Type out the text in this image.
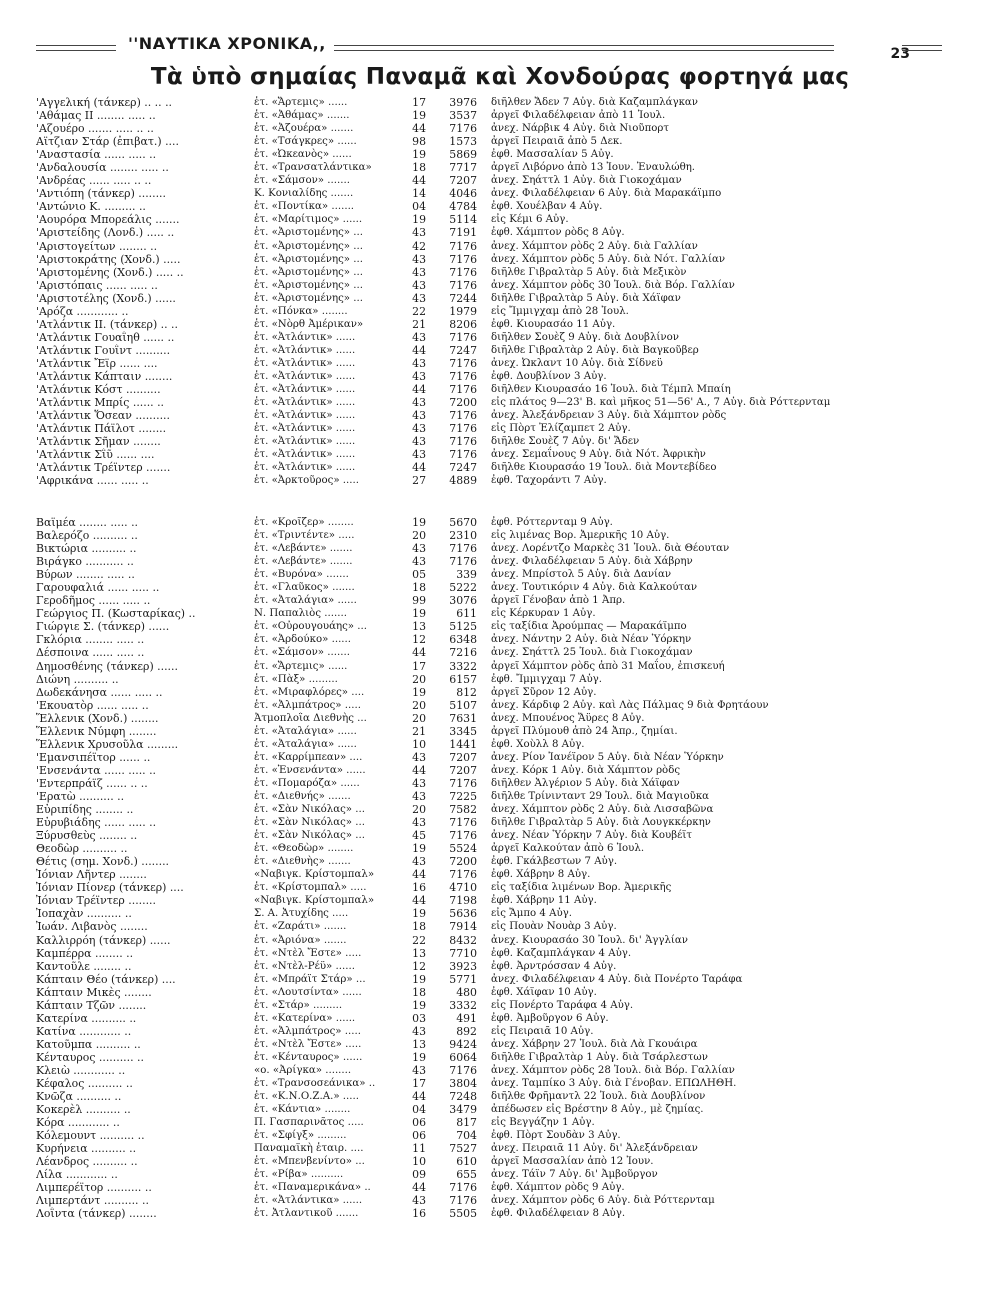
''ΝΑΥΤΙΚΑ ΧΡΟΝΙΚΑ,,
23
Τὰ ὑπὸ σημαίας Παναμᾶ καὶ Χονδούρας φορτηγά μας
'Αγγελική (τάνκερ) .. .. ..	ἑτ. «Ἄρτεμις» ......	17	3976 διῆλθεν Ἄδεν 7 Αὐγ. διὰ Καζαμπλάγκαν
'Αθάμας ΙΙ ........ ..... ..	ἑτ. «Ἀθάμας» .......	19	3537 ἀργεῖ Φιλαδέλφειαν ἀπὸ 11 Ἰουλ.
'Αζουέρο ....... ..... .. ..	ἑτ. «Ἀζουέρα» .......	44	7176 ἀνεχ. Νάρβικ 4 Αὐγ. διὰ Νιοῦπορτ
Αϊτζιαν Στάρ (ἐπιβατ.) ....	ἑτ. «Τσάγκρες» ......	98	1573 ἀργεῖ Πειραιᾶ ἀπὸ 5 Δεκ.
'Αναστασία ...... ..... ..	ἑτ. «Ὠκεανὸς» ......	19	5869 ἐφθ. Μασσαλίαν 5 Αὐγ.
'Ανδαλουσία ........ ..... ..	ἑτ. «Τρανσατλάντικα»	18	7717 ἀργεῖ Λιβόρνο ἀπὸ 13 Ἰουν. Ἐναυλώθη.
'Ανδρέας ...... ..... .. ..	ἑτ. «Σάμσον» .......	44	7207 ἀνεχ. Σηάττλ 1 Αὐγ. διὰ Γιοκοχάμαν
'Αντιόπη (τάνκερ) ........	Κ. Κονιαλίδης .......	14	4046 ἀνεχ. Φιλαδέλφειαν 6 Αὐγ. διὰ Μαρακάϊμπο
'Αντώνιο Κ. ......... ..	ἑτ. «Ποντίκα» .......	04	4784 ἐφθ. Χουέλβαν 4 Αὐγ.
'Αουρόρα Μπορεάλις .......	ἑτ. «Μαρίτιμος» ......	19	5114 εἰς Κέμι 6 Αὐγ.
'Αριστείδης (Λονδ.) ..... ..	ἑτ. «Ἀριστομένης» ...	43	7191 ἐφθ. Χάμπτον ρὸδς 8 Αὐγ.
'Αριστογείτων ........ ..	ἑτ. «Ἀριστομένης» ...	42	7176 ἀνεχ. Χάμπτον ρὸδς 2 Αὐγ. διὰ Γαλλίαν
'Αριστοκράτης (Χονδ.) .....	ἑτ. «Ἀριστομένης» ...	43	7176 ἀνεχ. Χάμπτον ρὸδς 5 Αὐγ. διὰ Νότ. Γαλλίαν
'Αριστομένης (Χονδ.) ..... ..	ἑτ. «Ἀριστομένης» ...	43	7176 διῆλθε Γιβραλτὰρ 5 Αὐγ. διὰ Μεξικὸν
'Αριστόπαις ...... ..... ..	ἑτ. «Ἀριστομένης» ...	43	7176 ἀνεχ. Χάμπτον ρὸδς 30 Ἰουλ. διὰ Βόρ. Γαλλίαν
'Αριστοτέλης (Χονδ.) ......	ἑτ. «Ἀριστομένης» ...	43	7244 διῆλθε Γιβραλτὰρ 5 Αὐγ. διὰ Χάϊφαν
'Αρόζα ............ ..	ἑτ. «Πόνκα» ........	22	1979 εἰς Ἴμμιγχαμ ἀπὸ 28 Ἰουλ.
'Ατλάντικ ΙΙ. (τάνκερ) .. ..	ἑτ. «Νὸρθ Ἀμέρικαν»	21	8206 ἐφθ. Κιουρασάο 11 Αὐγ.
'Ατλάντικ Γουαΐηθ ...... ..	ἑτ. «Ἀτλάντικ» ......	43	7176 διῆλθεν Σουὲζ 9 Αὐγ. διὰ Δουβλίνον
'Ατλάντικ Γουΐντ ..........	ἑτ. «Ἀτλάντικ» ......	44	7247 διῆλθε Γιβραλτὰρ 2 Αὐγ. διὰ Βαγκοῦβερ
'Ατλάντικ Ἔϊρ ...... ....	ἑτ. «Ἀτλάντικ» ......	43	7176 ἀνεχ. Ὠκλαντ 10 Αὐγ. διὰ Σίδνεϋ
'Ατλάντικ Κάπταιν ........	ἑτ. «Ἀτλάντικ» ......	43	7176 ἐφθ. Δουβλίνον 3 Αὐγ.
'Ατλάντικ Κόστ ..........	ἑτ. «Ἀτλάντικ» ......	44	7176 διῆλθεν Κιουρασάο 16 Ἰουλ. διὰ Τέμπλ Μπαίη
'Ατλάντικ Μπρίς ...... ..	ἑτ. «Ἀτλάντικ» ......	43	7200 εἰς πλάτος 9—23' Β. καὶ μῆκος 51—56' Α., 7 Αὐγ. διὰ Ρόττερνταμ
'Ατλάντικ Ὅσεαν ..........	ἑτ. «Ἀτλάντικ» ......	43	7176 ἀνεχ. Ἀλεξάνδρειαν 3 Αὐγ. διὰ Χάμπτον ρὸδς
'Ατλάντικ Πάϊλοτ ........	ἑτ. «Ἀτλάντικ» ......	43	7176 εἰς Πὸρτ Ἐλίζαμπετ 2 Αὐγ.
'Ατλάντικ Σῆμαν ........	ἑτ. «Ἀτλάντικ» ......	43	7176 διῆλθε Σουὲζ 7 Αὐγ. δι' Ἄδεν
'Ατλάντικ Σΐῦ ...... ....	ἑτ. «Ἀτλάντικ» ......	43	7176 ἀνεχ. Σεμαΐνους 9 Αὐγ. διὰ Νότ. Ἀφρικὴν
'Ατλάντικ Τρέϊντερ .......	ἑτ. «Ἀτλάντικ» ......	44	7247 διῆλθε Κιουρασάο 19 Ἰουλ. διὰ Μοντεβίδεο
'Αφρικάνα ...... ..... ..	ἑτ. «Ἀρκτοῦρος» .....	27	4889 ἐφθ. Ταχοράντι 7 Αὐγ.
Βαϊμέα ........ ..... ..	ἑτ. «Κροῖζερ» ........	19	5670 ἐφθ. Ρόττερνταμ 9 Αὐγ.
Βαλερόζο .......... ..	ἑτ. «Τριντέντε» .....	20	2310 εἰς λιμένας Βορ. Ἀμερικῆς 10 Αὐγ.
Βικτώρια .......... ..	ἑτ. «Λεβάντε» .......	43	7176 ἀνεχ. Λορέντζο Μαρκὲς 31 Ἰουλ. διὰ Θέουταν
Βιράγκο ........... ..	ἑτ. «Λεβάντε» .......	43	7176 ἀνεχ. Φιλαδέλφειαν 5 Αὐγ. διὰ Χάβρην
Βύρων ........ ..... ..	ἑτ. «Βυρόνα» .......	05	339 ἀνεχ. Μπρίστολ 5 Αὐγ. διὰ Δανίαν
Γαρουφαλιά ...... ..... ..	ἑτ. «Γλαῦκος» .......	18	5222 ἀνεχ. Τουτικόριν 4 Αὐγ. διὰ Καλκούταν
Γεροδῆμος ...... ..... ..	ἑτ. «Ἀταλάγια» ......	99	3076 ἀργεῖ Γένοβαν ἀπὸ 1 Ἀπρ.
Γεώργιος Π. (Κωσταρίκας) ..	Ν. Παπαλιὸς .......	19	611 εἰς Κέρκυραν 1 Αὐγ.
Γιώργιε Σ. (τάνκερ) ......	ἑτ. «Οὐρουγουάης» ...	13	5125 εἰς ταξίδια Ἀρούμπας — Μαρακάϊμπο
Γκλόρια ........ ..... ..	ἑτ. «Ἀρδούκο» ......	12	6348 ἀνεχ. Νάντην 2 Αὐγ. διὰ Νέαν Ὑόρκην
Δέσποινα ...... ..... ..	ἑτ. «Σάμσον» .......	44	7216 ἀνεχ. Σηάττλ 25 Ἰουλ. διὰ Γιοκοχάμαν
Δημοσθένης (τάνκερ) ......	ἑτ. «Ἄρτεμις» ......	17	3322 ἀργεῖ Χάμπτον ρὸδς ἀπὸ 31 Μαΐου, ἐπισκευή
Διώνη .......... ..	ἑτ. «Πὰξ» .........	20	6157 ἐφθ. Ἴμμιγχαμ 7 Αὐγ.
Δωδεκάνησα ...... ..... ..	ἑτ. «Μιραφλόρες» ....	19	812 ἀργεῖ Σῦρον 12 Αὐγ.
'Εκουατὸρ ...... ..... ..	ἑτ. «Ἀλμπάτρος» .....	20	5107 ἀνεχ. Κάρδιφ 2 Αὐγ. καὶ Λὰς Πάλμας 9 διὰ Φρητάουν
Ἕλλενικ (Χονδ.) ........	Ἀτμοπλοΐα Διεθνὴς ...	20	7631 ἀνεχ. Μπουένος Ἄϋρες 8 Αὐγ.
Ἕλλενικ Νύμφη ........	ἑτ. «Ἀταλάγια» ......	21	3345 ἀργεῖ Πλύμουθ ἀπὸ 24 Ἀπρ., ζημίαι.
Ἕλλενικ Χρυσοῦλα .........	ἑτ. «Ἀταλάγια» ......	10	1441 ἐφθ. Χοὺλλ 8 Αὐγ.
'Εμανσιπέϊτορ ...... ..	ἑτ. «Καρρίμπεαν» ....	43	7207 ἀνεχ. Ρίον Ἰανέϊρον 5 Αὐγ. διὰ Νέαν Ὑόρκην
'Ενσενάντα ...... ..... ..	ἑτ. «Ἐνσενάντα» ......	44	7207 ἀνεχ. Κόρκ 1 Αὐγ. διὰ Χάμπτον ρὸδς
'Εντερπράϊζ ...... .. ..	ἑτ. «Πομαρόζα» ......	43	7176 διῆλθεν Ἀλγέριον 5 Αὐγ. διὰ Χάϊφαν
'Ερατὼ .......... ..	ἑτ. «Διεθνής» .......	43	7225 διῆλθε Τρίνινταντ 29 Ἰουλ. διὰ Μαγιοῦκα
Εὐριπίδης ........ ..	ἑτ. «Σὰν Νικόλας» ...	20	7582 ἀνεχ. Χάμπτον ρὸδς 2 Αὐγ. διὰ Λισσαβῶνα
Εὐρυβιάδης ...... ..... ..	ἑτ. «Σὰν Νικόλας» ...	43	7176 διῆλθε Γιβραλτὰρ 5 Αὐγ. διὰ Λουγκκέρκην
Ξύρυσθεὺς ........ ..	ἑτ. «Σὰν Νικόλας» ...	45	7176 ἀνεχ. Νέαν Ὑόρκην 7 Αὐγ. διὰ Κουβέϊτ
Θεοδὼρ .......... ..	ἑτ. «Θεοδὼρ» ........	19	5524 ἀργεῖ Καλκούταν ἀπὸ 6 Ἰουλ.
Θέτις (σημ. Χονδ.) ........	ἑτ. «Διεθνὴς» .......	43	7200 ἐφθ. Γκάλβεστων 7 Αὐγ.
Ἰόνιαν Λῆντερ ........	«Ναβιγκ. Κρίστομπαλ»	44	7176 ἐφθ. Χάβρην 8 Αὐγ.
Ἰόνιαν Πίονερ (τάνκερ) ....	ἑτ. «Κρίστομπαλ» .....	16	4710 εἰς ταξίδια λιμένων Βορ. Ἀμερικῆς
Ἰόνιαν Τρέϊντερ ........	«Ναβιγκ. Κρίστομπαλ»	44	7198 ἐφθ. Χάβρην 11 Αὐγ.
Ἰοπαχὰν .......... ..	Σ. Α. Ἀτυχίδης .....	19	5636 εἰς Ἄμπο 4 Αὐγ.
Ἰωάν. Λιβανὸς ........	ἑτ. «Ζαράτι» .......	18	7914 εἰς Πουὰν Νουὰρ 3 Αὐγ.
Καλλιρρόη (τάνκερ) ......	ἑτ. «Ἀριόνα» .......	22	8432 ἀνεχ. Κιουρασάο 30 Ἰουλ. δι' Ἀγγλίαν
Καμπέρρα ........ ..	ἑτ. «Ντὲλ Ἔστε» .....	13	7710 ἐφθ. Καζαμπλάγκαν 4 Αὐγ.
Καντοῦλε ........ ..	ἑτ. «Ντὲλ-Ρέϋ» ......	12	3923 ἐφθ. Ἀρντρόσσαν 4 Αὐγ.
Κάπταιν Θέο (τάνκερ) ....	ἑτ. «Μπράϊτ Στάρ» ...	19	5771 ἀνεχ. Φιλαδέλφειαν 4 Αὐγ. διὰ Πονέρτο Ταράφα
Κάπταιν Μικὲς ........	ἑτ. «Λουτσίντα» ......	18	480 ἐφθ. Χάϊφαν 10 Αὐγ.
Κάπταιν Τζῶν ........	ἑτ. «Στάρ» .........	19	3332 εἰς Πονέρτο Ταράφα 4 Αὐγ.
Κατερίνα .......... ..	ἑτ. «Κατερίνα» ......	03	491 ἐφθ. Ἀμβοῦργον 6 Αὐγ.
Κατίνα ............ ..	ἑτ. «Ἀλμπάτρος» .....	43	892 εἰς Πειραιᾶ 10 Αὐγ.
Κατοῦμπα .......... ..	ἑτ. «Ντὲλ Ἔστε» .....	13	9424 ἀνεχ. Χάβρην 27 Ἰουλ. διὰ Λὰ Γκουάιρα
Κένταυρος .......... ..	ἑτ. «Κένταυρος» ......	19	6064 διῆλθε Γιβραλτὰρ 1 Αὐγ. διὰ Τσάρλεστων
Κλειὼ ............ ..	«ο. «Ἀρίγκα» ........	43	7176 ἀνεχ. Χάμπτον ρὸδς 28 Ἰουλ. διὰ Βόρ. Γαλλίαν
Κέφαλος .......... ..	ἑτ. «Τρανσοσεάνικα» ..	17	3804 ἀνεχ. Ταμπίκο 3 Αὐγ. διὰ Γένοβαν. ΕΠΩΛΗΘΗ.
Κνῶζα .......... ..	ἑτ. «Κ.Ν.Ο.Ζ.Α.» .....	44	7248 διῆλθε Φρῆμαντλ 22 Ἰουλ. διὰ Δουβλίνον
Κοκερὲλ .......... ..	ἑτ. «Κάντια» ........	04	3479 ἀπέδωσεν εἰς Βρέστην 8 Αὐγ., μὲ ζημίας.
Κόρα ............ ..	Π. Γασπαρινᾶτος .....	06	817 εἰς Βεγγάζην 1 Αὐγ.
Κόλεμουντ .......... ..	ἑτ. «Σφίγξ» .........	06	704 ἐφθ. Πὸρτ Σουδὰν 3 Αὐγ.
Κυρήνεια .......... ..	Παναμαϊκὴ ἑταιρ. ....	11	7527 ἀνεχ. Πειραιᾶ 11 Αὐγ. δι' Ἀλεξάνδρειαν
Λέανδρος .......... ..	ἑτ. «Μπενβενίντο» ...	10	610 ἀργεῖ Μασσαλίαν ἀπὸ 12 Ἰουν.
Λίλα ............ ..	ἑτ. «Ρίβα» ..........	09	655 ἀνεχ. Τάϊν 7 Αὐγ. δι' Ἀμβοῦργον
Λιμπερέϊτορ .......... ..	ἑτ. «Παναμερικάνα» ..	44	7176 ἐφθ. Χάμπτον ρὸδς 9 Αὐγ.
Λιμπερτάντ .......... ..	ἑτ. «Ἀτλάντικα» ......	43	7176 ἀνεχ. Χάμπτον ρὸδς 6 Αὐγ. διὰ Ρόττερνταμ
Λοΐντα (τάνκερ) ........	ἑτ. Ἀτλαντικοῦ .......	16	5505 ἐφθ. Φιλαδέλφειαν 8 Αὐγ.
